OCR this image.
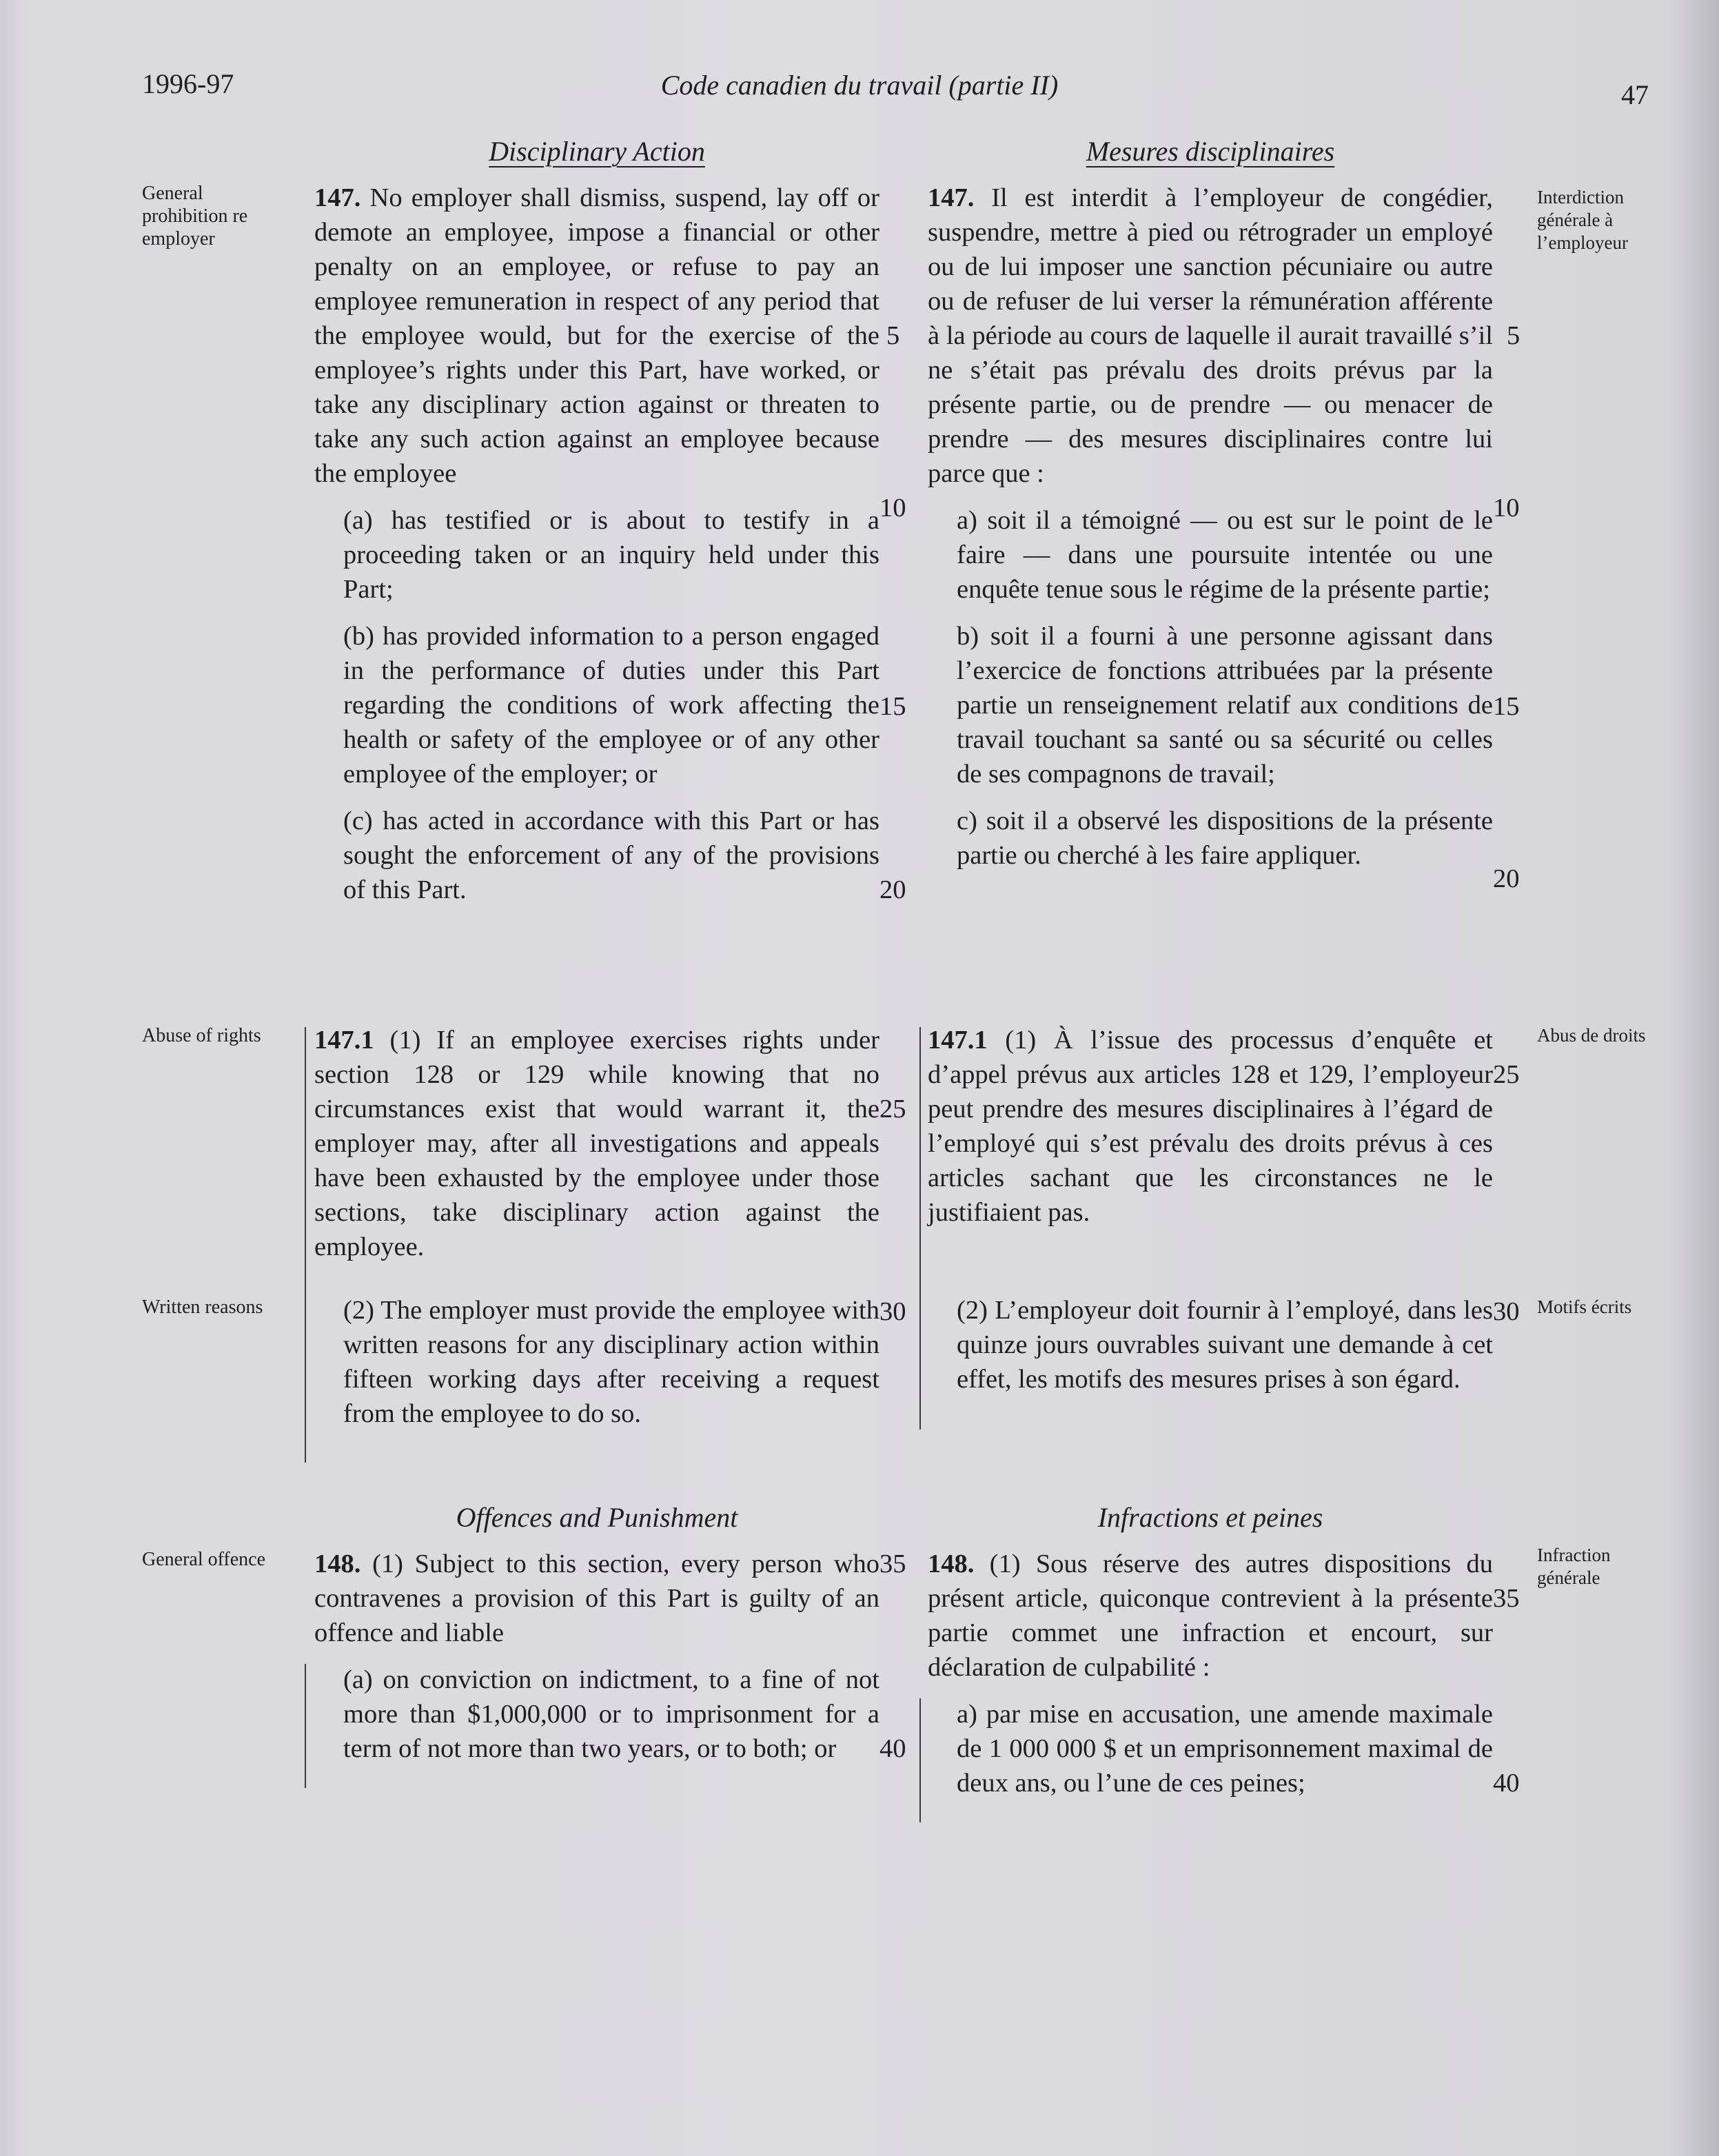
1996-97	Code canadien du travail (partie II)	47
Disciplinary Action	Mesures disciplinaires
General prohibition re employer
Abuse of rights
Written reasons
General offence
Interdiction générale à l’employeur
Abus de droits
Motifs écrits
Infraction générale

147. No employer shall dismiss, suspend, lay off or demote an employee, impose a financial or other penalty on an employee, or refuse to pay an employee remuneration in respect of any period that the employee would, but for the exercise of the employee’s rights under this Part, have worked, or take any disciplinary action against or threaten to take any such action against an employee because the employee

(a) has testified or is about to testify in a proceeding taken or an inquiry held under this Part;

(b) has provided information to a person engaged in the performance of duties under this Part regarding the conditions of work affecting the health or safety of the employee or of any other employee of the employer; or

(c) has acted in accordance with this Part or has sought the enforcement of any of the provisions of this Part.

147. Il est interdit à l’employeur de congédier, suspendre, mettre à pied ou rétrograder un employé ou de lui imposer une sanction pécuniaire ou autre ou de refuser de lui verser la rémunération afférente à la période au cours de laquelle il aurait travaillé s’il ne s’était pas prévalu des droits prévus par la présente partie, ou de prendre — ou menacer de prendre — des mesures disciplinaires contre lui parce que :

a) soit il a témoigné — ou est sur le point de le faire — dans une poursuite intentée ou une enquête tenue sous le régime de la présente partie;

b) soit il a fourni à une personne agissant dans l’exercice de fonctions attribuées par la présente partie un renseignement relatif aux conditions de travail touchant sa santé ou sa sécurité ou celles de ses compagnons de travail;

c) soit il a observé les dispositions de la présente partie ou cherché à les faire appliquer.

147.1 (1) If an employee exercises rights under section 128 or 129 while knowing that no circumstances exist that would warrant it, the employer may, after all investigations and appeals have been exhausted by the employee under those sections, take disciplinary action against the employee.

(2) The employer must provide the employee with written reasons for any disciplinary action within fifteen working days after receiving a request from the employee to do so.

147.1 (1) À l’issue des processus d’enquête et d’appel prévus aux articles 128 et 129, l’employeur peut prendre des mesures disciplinaires à l’égard de l’employé qui s’est prévalu des droits prévus à ces articles sachant que les circonstances ne le justifiaient pas.

(2) L’employeur doit fournir à l’employé, dans les quinze jours ouvrables suivant une demande à cet effet, les motifs des mesures prises à son égard.

Offences and Punishment	Infractions et peines

148. (1) Subject to this section, every person who contravenes a provision of this Part is guilty of an offence and liable

(a) on conviction on indictment, to a fine of not more than $1,000,000 or to imprisonment for a term of not more than two years, or to both; or

148. (1) Sous réserve des autres dispositions du présent article, quiconque contrevient à la présente partie commet une infraction et encourt, sur déclaration de culpabilité :

a) par mise en accusation, une amende maximale de 1 000 000 $ et un emprisonnement maximal de deux ans, ou l’une de ces peines;

5
10
15
20
25
30
35
40
5
10
15
20
25
30
35
40
